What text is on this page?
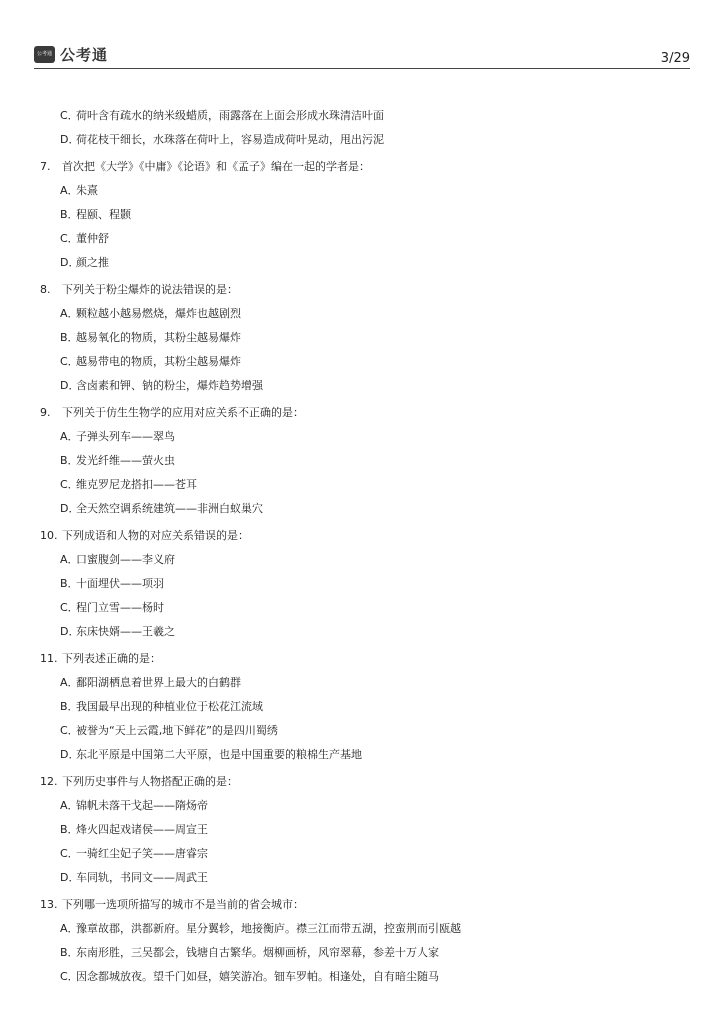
公考通 公考通	3/29
C．荷叶含有疏水的纳米级蜡质，雨露落在上面会形成水珠清洁叶面
D．荷花枝干细长，水珠落在荷叶上，容易造成荷叶晃动，甩出污泥
7. 首次把《大学》《中庸》《论语》和《孟子》编在一起的学者是：
A．朱熹
B．程颐、程颢
C．董仲舒
D．颜之推
8. 下列关于粉尘爆炸的说法错误的是：
A．颗粒越小越易燃烧，爆炸也越剧烈
B．越易氧化的物质，其粉尘越易爆炸
C．越易带电的物质，其粉尘越易爆炸
D．含卤素和钾、钠的粉尘，爆炸趋势增强
9. 下列关于仿生生物学的应用对应关系不正确的是：
A．子弹头列车——翠鸟
B．发光纤维——萤火虫
C．维克罗尼龙搭扣——苍耳
D．全天然空调系统建筑——非洲白蚁巢穴
10. 下列成语和人物的对应关系错误的是：
A．口蜜腹剑——李义府
B．十面埋伏——项羽
C．程门立雪——杨时
D．东床快婿——王羲之
11. 下列表述正确的是：
A．鄱阳湖栖息着世界上最大的白鹤群
B．我国最早出现的种植业位于松花江流域
C．被誉为“天上云霞,地下鲜花”的是四川蜀绣
D．东北平原是中国第二大平原，也是中国重要的粮棉生产基地
12. 下列历史事件与人物搭配正确的是：
A．锦帆未落干戈起——隋炀帝
B．烽火四起戏诸侯——周宣王
C．一骑红尘妃子笑——唐睿宗
D．车同轨，书同文——周武王
13. 下列哪一选项所描写的城市不是当前的省会城市：
A．豫章故郡，洪都新府。星分翼轸，地接衡庐。襟三江而带五湖，控蛮荆而引瓯越
B．东南形胜，三吴都会，钱塘自古繁华。烟柳画桥，风帘翠幕，参差十万人家
C．因念都城放夜。望千门如昼，嬉笑游冶。钿车罗帕。相逢处，自有暗尘随马
